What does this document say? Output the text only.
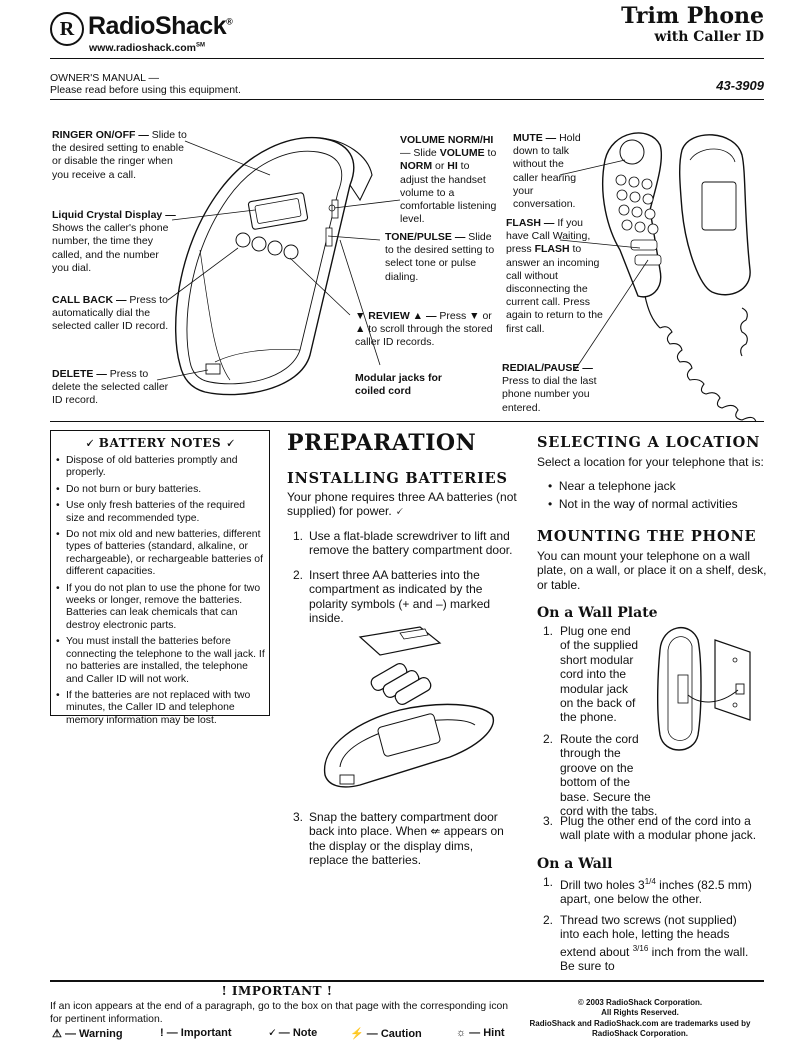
R RadioShack®
www.radioshack.com℠
Trim Phone
with Caller ID
OWNER'S MANUAL —
Please read before using this equipment.	43-3909
RINGER ON/OFF — Slide to the desired setting to enable or disable the ringer when you receive a call.
Liquid Crystal Display — Shows the caller's phone number, the time they called, and the number you dial.
CALL BACK — Press to automatically dial the selected caller ID record.
DELETE — Press to delete the selected caller ID record.
VOLUME NORM/HI — Slide VOLUME to NORM or HI to adjust the handset volume to a comfortable listening level.
TONE/PULSE — Slide to the desired setting to select tone or pulse dialing.
▼ REVIEW ▲ — Press ▼ or ▲ to scroll through the stored caller ID records.
Modular jacks for coiled cord
MUTE — Hold down to talk without the caller hearing your conversation.
FLASH — If you have Call Waiting, press FLASH to answer an incoming call without disconnecting the current call. Press again to return to the first call.
REDIAL/PAUSE — Press to dial the last phone number you entered.
🗸 BATTERY NOTES 🗸
• Dispose of old batteries promptly and properly.
• Do not burn or bury batteries.
• Use only fresh batteries of the required size and recommended type.
• Do not mix old and new batteries, different types of batteries (standard, alkaline, or rechargeable), or rechargeable batteries of different capacities.
• If you do not plan to use the phone for two weeks or longer, remove the batteries. Batteries can leak chemicals that can destroy electronic parts.
• You must install the batteries before connecting the telephone to the wall jack. If no batteries are installed, the telephone and Caller ID will not work.
• If the batteries are not replaced with two minutes, the Caller ID and telephone memory information may be lost.
PREPARATION
INSTALLING BATTERIES
Your phone requires three AA batteries (not supplied) for power. 🗸
1. Use a flat-blade screwdriver to lift and remove the battery compartment door.
2. Insert three AA batteries into the compartment as indicated by the polarity symbols (+ and –) marked inside.
3. Snap the battery compartment door back into place. When ⇍ appears on the display or the display dims, replace the batteries.
SELECTING A LOCATION
Select a location for your telephone that is:
•  Near a telephone jack
•  Not in the way of normal activities
MOUNTING THE PHONE
You can mount your telephone on a wall plate, on a wall, or place it on a shelf, desk, or table.
On a Wall Plate
1. Plug one end of the supplied short modular cord into the modular jack on the back of the phone.
2. Route the cord through the groove on the bottom of the base. Secure the cord with the tabs.
3. Plug the other end of the cord into a wall plate with a modular phone jack.
On a Wall
1. Drill two holes $3^{1/4}$ inches (82.5 mm) apart, one below the other.
2. Thread two screws (not supplied) into each hole, letting the heads extend about $^{3/16}$ inch from the wall. Be sure to
! IMPORTANT !
If an icon appears at the end of a paragraph, go to the box on that page with the corresponding icon for pertinent information.
⚠ — Warning	! — Important	🗸 — Note	⚡ — Caution	☼ — Hint
© 2003 RadioShack Corporation.
All Rights Reserved.
RadioShack and RadioShack.com are trademarks used by
RadioShack Corporation.
